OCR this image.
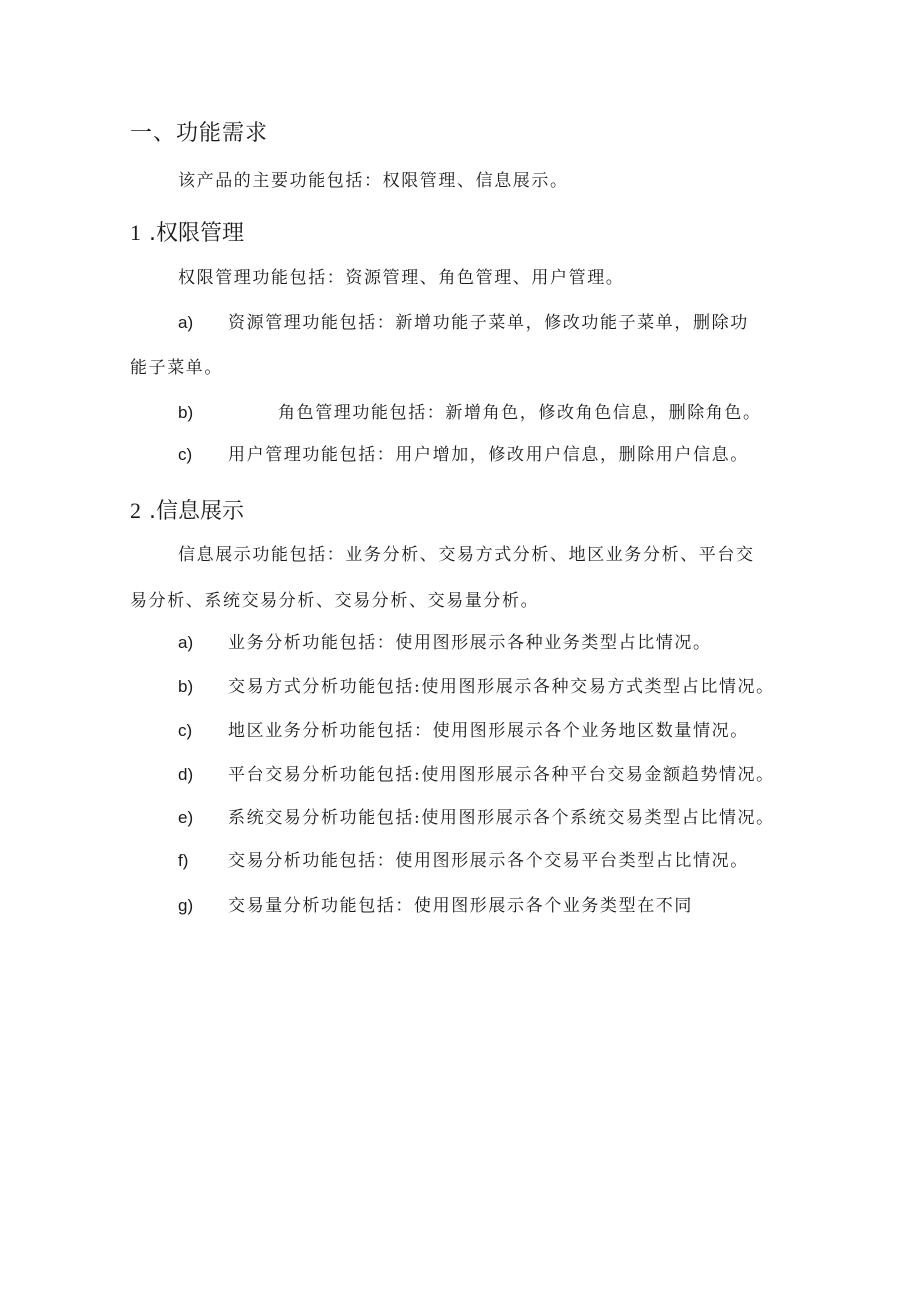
一、功能需求
该产品的主要功能包括：权限管理、信息展示。
1 .权限管理
权限管理功能包括：资源管理、角色管理、用户管理。
a) 资源管理功能包括：新增功能子菜单，修改功能子菜单，删除功
能子菜单。
b)	角色管理功能包括：新增角色，修改角色信息，删除角色。
c) 用户管理功能包括：用户增加，修改用户信息，删除用户信息。
2 .信息展示
信息展示功能包括：业务分析、交易方式分析、地区业务分析、平台交
易分析、系统交易分析、交易分析、交易量分析。
a) 业务分析功能包括：使用图形展示各种业务类型占比情况。
b) 交易方式分析功能包括:使用图形展示各种交易方式类型占比情况。
c) 地区业务分析功能包括：使用图形展示各个业务地区数量情况。
d) 平台交易分析功能包括:使用图形展示各种平台交易金额趋势情况。
e) 系统交易分析功能包括:使用图形展示各个系统交易类型占比情况。
f) 交易分析功能包括：使用图形展示各个交易平台类型占比情况。
g) 交易量分析功能包括：使用图形展示各个业务类型在不同
